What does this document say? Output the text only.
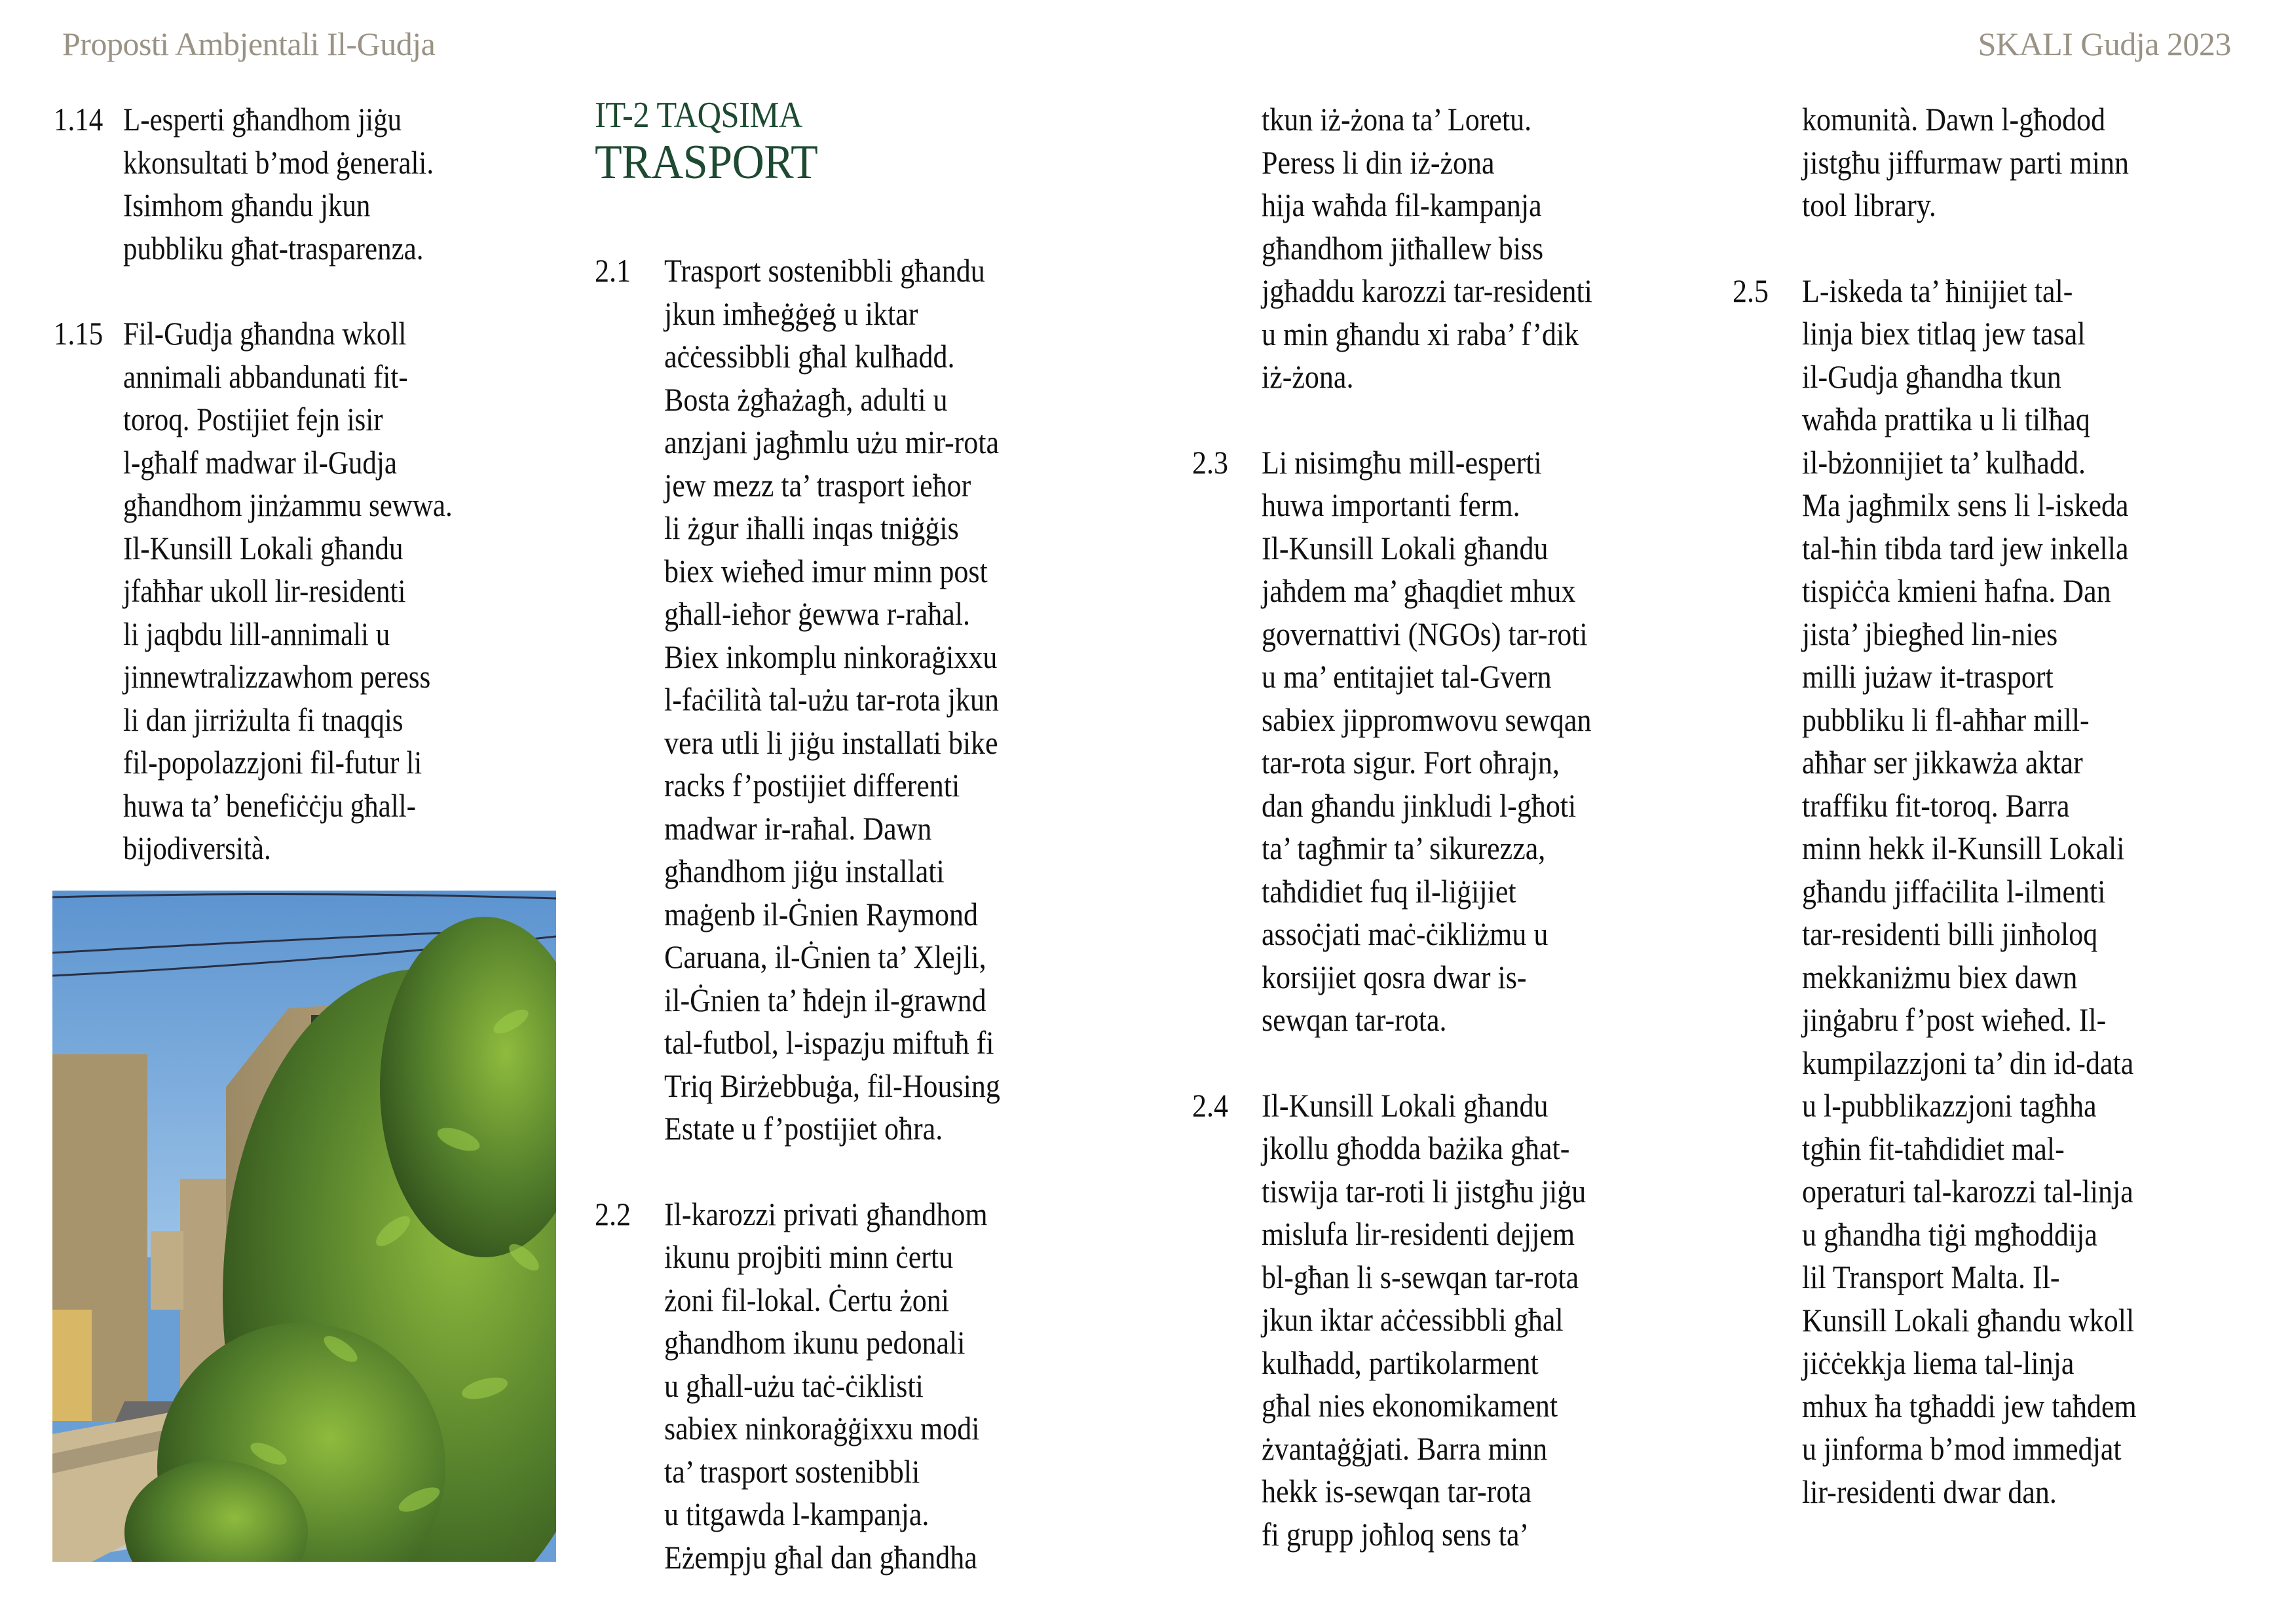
Proposti Ambjentali Il-Gudja	SKALI Gudja 2023
1.14 L-esperti għandhom jiġu
kkonsultati b’mod ġenerali.
Isimhom għandu jkun
pubbliku għat-trasparenza.
1.15 Fil-Gudja għandna wkoll
annimali abbandunati fit-
toroq. Postijiet fejn isir
l-għalf madwar il-Gudja
għandhom jinżammu sewwa.
Il-Kunsill Lokali għandu
jfaħħar ukoll lir-residenti
li jaqbdu lill-annimali u
jinnewtralizzawhom peress
li dan jirriżulta fi tnaqqis
fil-popolazzjoni fil-futur li
huwa ta’ benefiċċju għall-
bijodiversità.
IT-2 TAQSIMA
TRASPORT
2.1 Trasport sostenibbli għandu
jkun imħeġġeġ u iktar
aċċessibbli għal kulħadd.
Bosta żgħażagħ, adulti u
anzjani jagħmlu użu mir-rota
jew mezz ta’ trasport ieħor
li żgur iħalli inqas tniġġis
biex wieħed imur minn post
għall-ieħor ġewwa r-raħal.
Biex inkomplu ninkoraġixxu
l-faċilità tal-użu tar-rota jkun
vera utli li jiġu installati bike
racks f’postijiet differenti
madwar ir-raħal. Dawn
għandhom jiġu installati
maġenb il-Ġnien Raymond
Caruana, il-Ġnien ta’ Xlejli,
il-Ġnien ta’ ħdejn il-grawnd
tal-futbol, l-ispazju miftuħ fi
Triq Birżebbuġa, fil-Housing
Estate u f’postijiet oħra.
2.2 Il-karozzi privati għandhom
ikunu projbiti minn ċertu
żoni fil-lokal. Ċertu żoni
għandhom ikunu pedonali
u għall-użu taċ-ċiklisti
sabiex ninkoraġġixxu modi
ta’ trasport sostenibbli
u titgawda l-kampanja.
Eżempju għal dan għandha
tkun iż-żona ta’ Loretu.
Peress li din iż-żona
hija waħda fil-kampanja
għandhom jitħallew biss
jgħaddu karozzi tar-residenti
u min għandu xi raba’ f’dik
iż-żona.
2.3 Li nisimgħu mill-esperti
huwa importanti ferm.
Il-Kunsill Lokali għandu
jaħdem ma’ għaqdiet mhux
governattivi (NGOs) tar-roti
u ma’ entitajiet tal-Gvern
sabiex jippromwovu sewqan
tar-rota sigur. Fort oħrajn,
dan għandu jinkludi l-għoti
ta’ tagħmir ta’ sikurezza,
taħdidiet fuq il-liġijiet
assoċjati maċ-ċikliżmu u
korsijiet qosra dwar is-
sewqan tar-rota.
2.4 Il-Kunsill Lokali għandu
jkollu għodda bażika għat-
tiswija tar-roti li jistgħu jiġu
mislufa lir-residenti dejjem
bl-għan li s-sewqan tar-rota
jkun iktar aċċessibbli għal
kulħadd, partikolarment
għal nies ekonomikament
żvantaġġjati. Barra minn
hekk is-sewqan tar-rota
fi grupp joħloq sens ta’
komunità. Dawn l-għodod
jistgħu jiffurmaw parti minn
tool library.
2.5 L-iskeda ta’ ħinijiet tal-
linja biex titlaq jew tasal
il-Gudja għandha tkun
waħda prattika u li tilħaq
il-bżonnijiet ta’ kulħadd.
Ma jagħmilx sens li l-iskeda
tal-ħin tibda tard jew inkella
tispiċċa kmieni ħafna. Dan
jista’ jbiegħed lin-nies
milli jużaw it-trasport
pubbliku li fl-aħħar mill-
aħħar ser jikkawża aktar
traffiku fit-toroq. Barra
minn hekk il-Kunsill Lokali
għandu jiffaċilita l-ilmenti
tar-residenti billi jinħoloq
mekkaniżmu biex dawn
jinġabru f’post wieħed. Il-
kumpilazzjoni ta’ din id-data
u l-pubblikazzjoni tagħha
tgħin fit-taħdidiet mal-
operaturi tal-karozzi tal-linja
u għandha tiġi mgħoddija
lil Transport Malta. Il-
Kunsill Lokali għandu wkoll
jiċċekkja liema tal-linja
mhux ħa tgħaddi jew taħdem
u jinforma b’mod immedjat
lir-residenti dwar dan.
